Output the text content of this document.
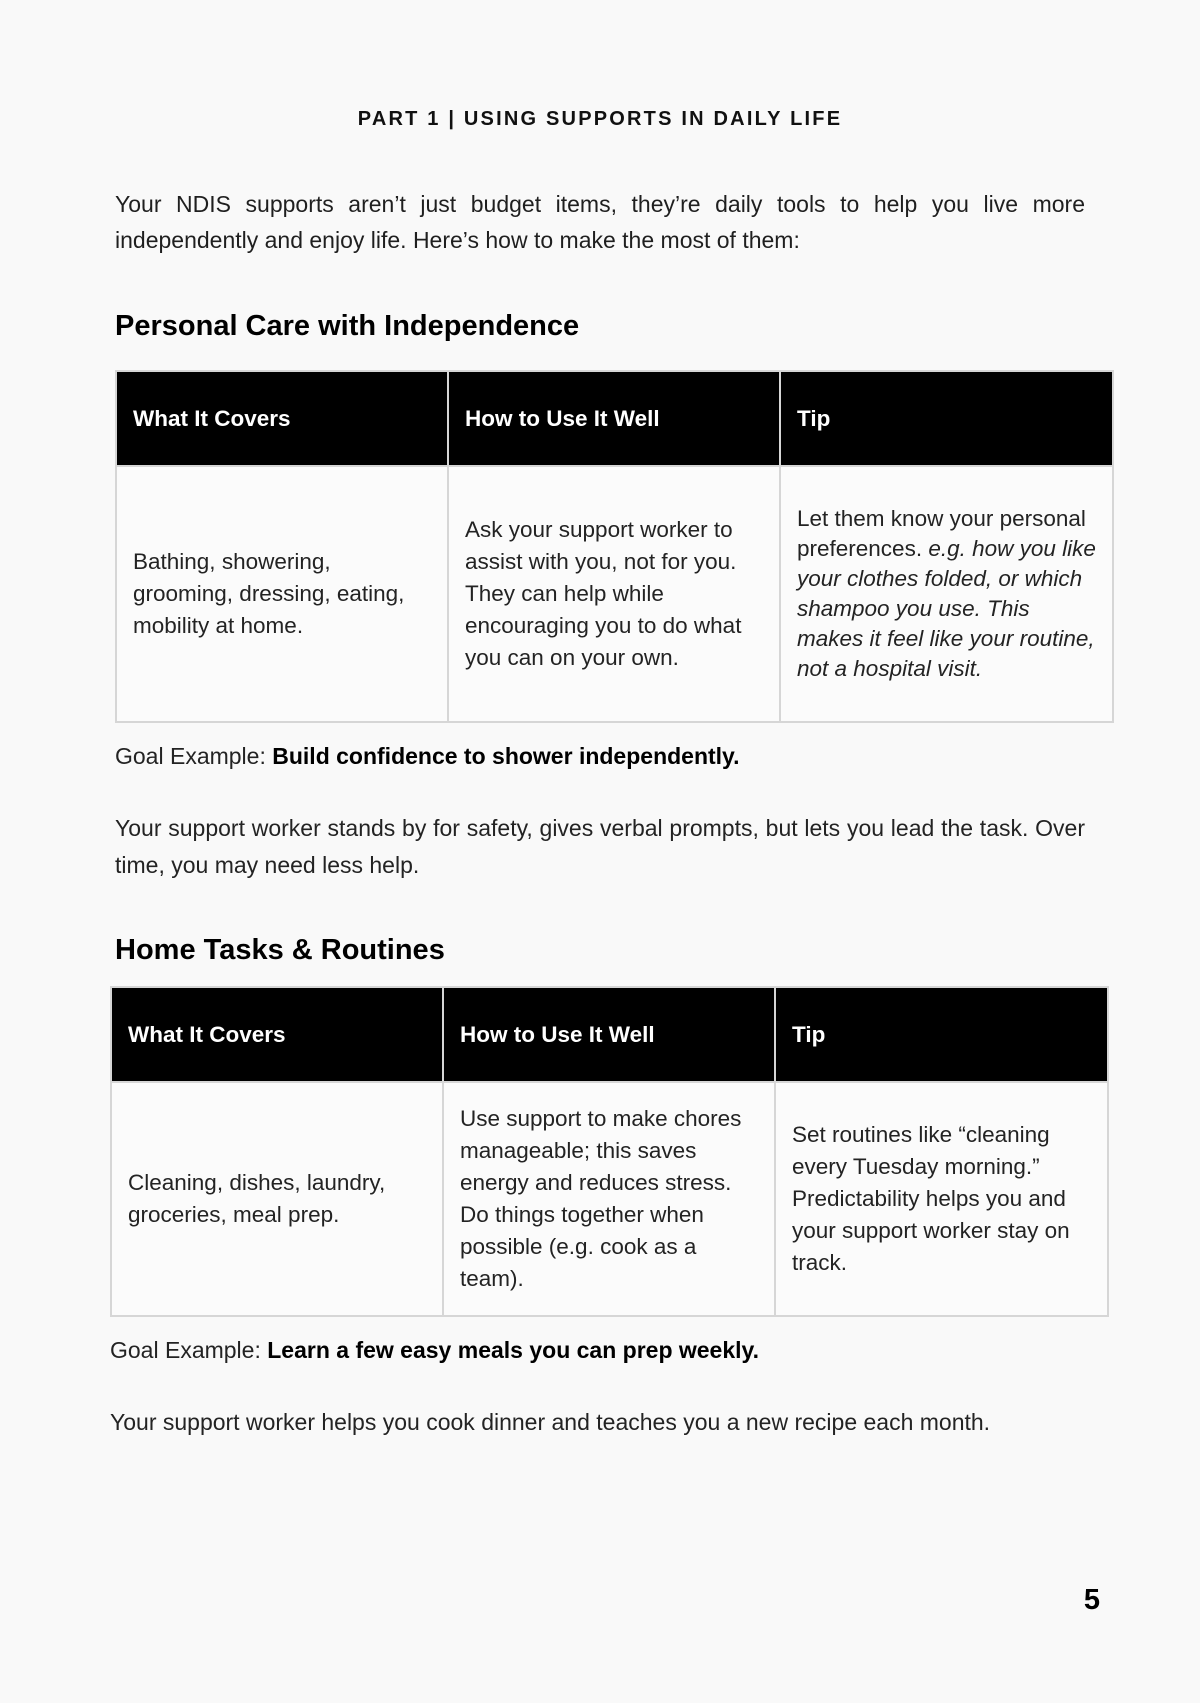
PART 1 | USING SUPPORTS IN DAILY LIFE

Your NDIS supports aren’t just budget items, they’re daily tools to help you live more independently and enjoy life. Here’s how to make the most of them:

Personal Care with Independence
What It Covers	How to Use It Well	Tip
Bathing, showering, grooming, dressing, eating, mobility at home.	Ask your support worker to assist with you, not for you. They can help while encouraging you to do what you can on your own.	Let them know your personal preferences. e.g. how you like your clothes folded, or which shampoo you use. This makes it feel like your routine, not a hospital visit.

Goal Example: Build confidence to shower independently.

Your support worker stands by for safety, gives verbal prompts, but lets you lead the task. Over time, you may need less help.

Home Tasks & Routines
What It Covers	How to Use It Well	Tip
Cleaning, dishes, laundry, groceries, meal prep.	Use support to make chores manageable; this saves energy and reduces stress. Do things together when possible (e.g. cook as a team).	Set routines like “cleaning every Tuesday morning.” Predictability helps you and your support worker stay on track.

Goal Example: Learn a few easy meals you can prep weekly.

Your support worker helps you cook dinner and teaches you a new recipe each month.

5
